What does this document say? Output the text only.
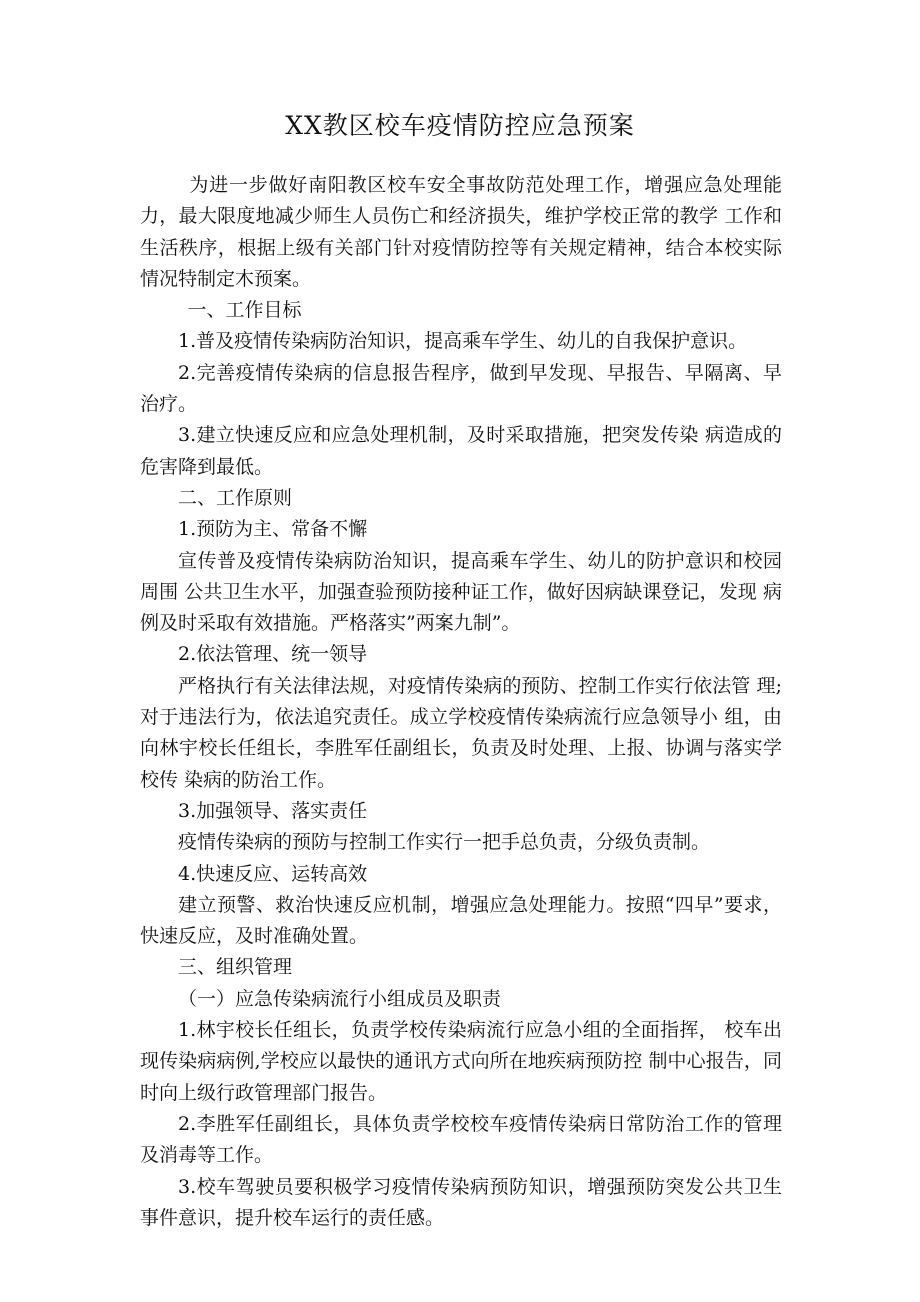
XX教区校车疫情防控应急预案

为进一步做好南阳教区校车安全事故防范处理工作，增强应急处理能 力，最大限度地减少师生人员伤亡和经济损失，维护学校正常的教学 工作和生活秩序，根据上级有关部门针对疫情防控等有关规定精神，结合本校实际情况特制定木预案。

一、工作目标

1.普及疫情传染病防治知识，提高乘车学生、幼儿的自我保护意识。

2.完善疫情传染病的信息报告程序，做到早发现、早报告、早隔离、早治疗。

3.建立快速反应和应急处理机制，及时采取措施，把突发传染 病造成的危害降到最低。

二、工作原则

1.预防为主、常备不懈

宣传普及疫情传染病防治知识，提高乘车学生、幼儿的防护意识和校园周围 公共卫生水平，加强查验预防接种证工作，做好因病缺课登记，发现 病例及时采取有效措施。严格落实”两案九制”。

2.依法管理、统一领导

严格执行有关法律法规，对疫情传染病的预防、控制工作实行依法管 理; 对于违法行为，依法追究责任。成立学校疫情传染病流行应急领导小 组，由向林宇校长任组长，李胜军任副组长，负责及时处理、上报、协调与落实学校传 染病的防治工作。

3.加强领导、落实责任

疫情传染病的预防与控制工作实行一把手总负责，分级负责制。

4.快速反应、运转高效

建立预警、救治快速反应机制，增强应急处理能力。按照“四早”要求，快速反应，及时准确处置。

三、组织管理

（一）应急传染病流行小组成员及职责

1.林宇校长任组长，负责学校传染病流行应急小组的全面指挥， 校车出现传染病病例,学校应以最快的通讯方式向所在地疾病预防控 制中心报告，同时向上级行政管理部门报告。

2.李胜军任副组长，具体负责学校校车疫情传染病日常防治工作的管理及消毒等工作。

3.校车驾驶员要积极学习疫情传染病预防知识，增强预防突发公共卫生事件意识，提升校车运行的责任感。
